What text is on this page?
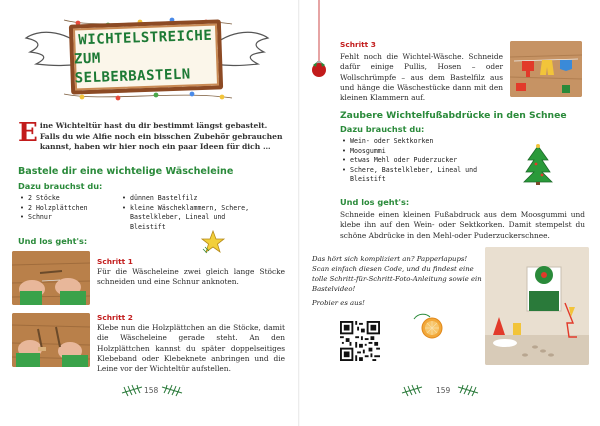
WICHTELSTREICHE
ZUM SELBERBASTELN
Eine Wichteltür hast du dir bestimmt längst gebastelt. Falls du wie Alfie noch ein bisschen Zubehör gebrauchen kannst, haben wir hier noch ein paar Ideen für dich …
Bastele dir eine wichtelige Wäscheleine
Dazu brauchst du:
• 2 Stöcke
• 2 Holzplättchen
• Schnur
• dünnen Bastelfilz
• kleine Wäscheklammern, Schere, Bastelkleber, Lineal und Bleistift
Und los geht's:
Schritt 1
Für die Wäscheleine zwei gleich lange Stöcke schneiden und eine Schnur anknoten.
Schritt 2
Klebe nun die Holzplättchen an die Stöcke, damit die Wäscheleine gerade steht. An den Holzplättchen kannst du später doppelseitiges Klebeband oder Klebeknete anbringen und die Leine vor der Wichteltür aufstellen.
158
Schritt 3
Fehlt noch die Wichtel-Wäsche. Schneide dafür einige Pullis, Hosen – oder Wollschrümpfe – aus dem Bastelfilz aus und hänge die Wäschestücke dann mit den kleinen Klammern auf.
Zaubere Wichtelfußabdrücke in den Schnee
Dazu brauchst du:
• Wein- oder Sektkorken
• Moosgummi
• etwas Mehl oder Puderzucker
• Schere, Bastelkleber, Lineal und Bleistift
Und los geht's:
Schneide einen kleinen Fußabdruck aus dem Moosgummi und klebe ihn auf den Wein- oder Sektkorken. Damit stempelst du schöne Abdrücke in den Mehl-oder Puderzuckerschnee.
Das hört sich kompliziert an? Papperlapups! Scan einfach diesen Code, und du findest eine tolle Schritt-für-Schritt-Foto-Anleitung sowie ein Bastelvideo!
Probier es aus!
159
